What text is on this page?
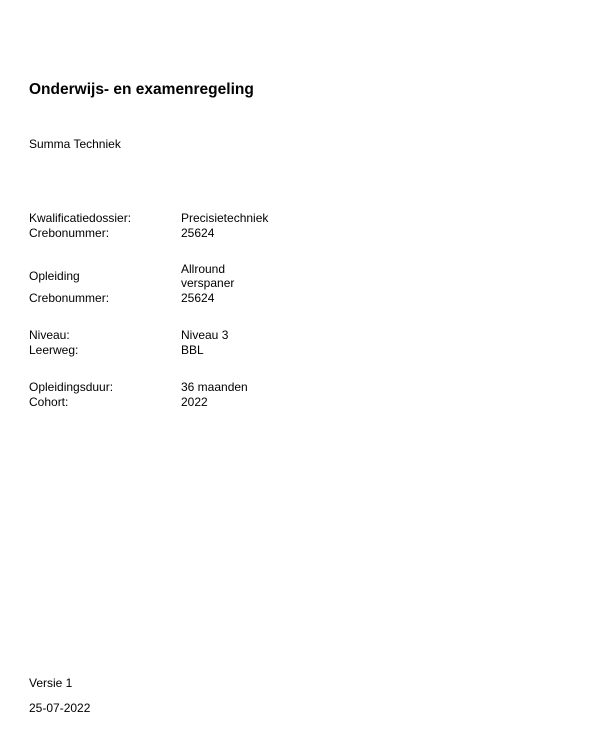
Onderwijs- en examenregeling
Summa Techniek
Kwalificatiedossier:	Precisietechniek
Crebonummer:	25624
Opleiding	Allround verspaner
Crebonummer:	25624
Niveau:	Niveau 3
Leerweg:	BBL
Opleidingsduur:	36 maanden
Cohort:	2022
Versie 1
25-07-2022
